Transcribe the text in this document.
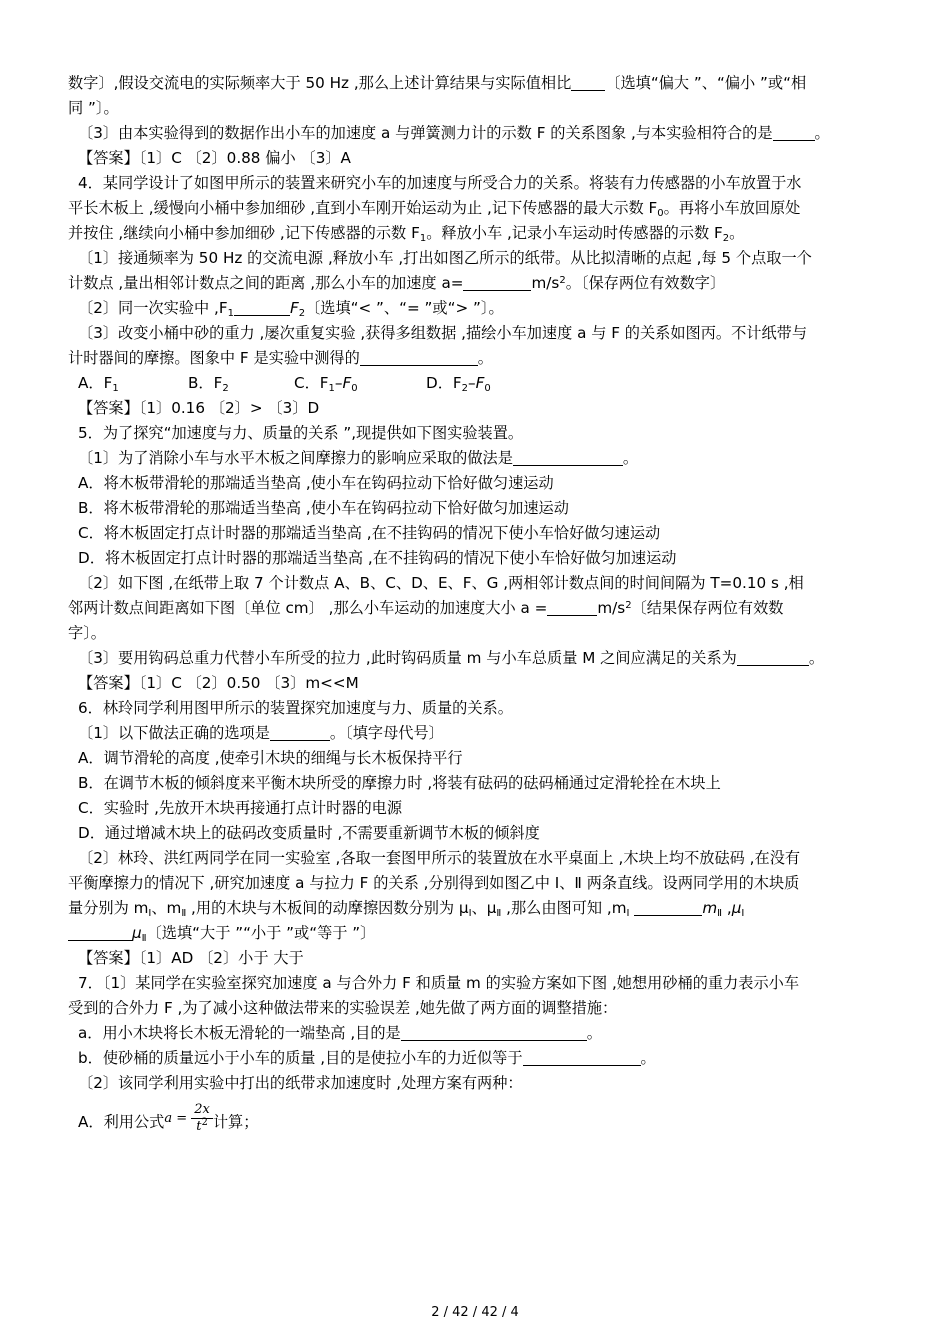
数字〕,假设交流电的实际频率大于 50 Hz ,那么上述计算结果与实际值相比 〔选填“偏大 ”、“偏小 ”或“相
同 ”〕。
〔3〕由本实验得到的数据作出小车的加速度 a 与弹簧测力计的示数 F 的关系图象 ,与本实验相符合的是	。
【答案】〔1〕C 〔2〕0.88 偏小 〔3〕A
4．某同学设计了如图甲所示的装置来研究小车的加速度与所受合力的关系。将装有力传感器的小车放置于水
平长木板上 ,缓慢向小桶中参加细砂 ,直到小车刚开始运动为止 ,记下传感器的最大示数 $F_0$。再将小车放回原处
并按住 ,继续向小桶中参加细砂 ,记下传感器的示数 $F_1$。释放小车 ,记录小车运动时传感器的示数 $F_2$。
〔1〕接通频率为 50 Hz 的交流电源 ,释放小车 ,打出如图乙所示的纸带。从比拟清晰的点起 ,每 5 个点取一个
计数点 ,量出相邻计数点之间的距离 ,那么小车的加速度 a=	$m/s^2$。〔保存两位有效数字〕
〔2〕同一次实验中 $,F_1$	$F_2$〔选填“< ”、“= ”或“> ”〕。
〔3〕改变小桶中砂的重力 ,屡次重复实验 ,获得多组数据 ,描绘小车加速度 a 与 F 的关系如图丙。不计纸带与
计时器间的摩擦。图象中 F 是实验中测得的	。
A．$F_1$	B．$F_2$	C．$F_1-F_0$	D．$F_2-F_0$
【答案】〔1〕0.16 〔2〕> 〔3〕D
5．为了探究“加速度与力、质量的关系 ”,现提供如下图实验装置。
〔1〕为了消除小车与水平木板之间摩擦力的影响应采取的做法是	。
A．将木板带滑轮的那端适当垫高 ,使小车在钩码拉动下恰好做匀速运动
B．将木板带滑轮的那端适当垫高 ,使小车在钩码拉动下恰好做匀加速运动
C．将木板固定打点计时器的那端适当垫高 ,在不挂钩码的情况下使小车恰好做匀速运动
D．将木板固定打点计时器的那端适当垫高 ,在不挂钩码的情况下使小车恰好做匀加速运动
〔2〕如下图 ,在纸带上取 7 个计数点 A、B、C、D、E、F、G ,两相邻计数点间的时间间隔为 T=0.10 s ,相
邻两计数点间距离如下图〔单位 cm〕 ,那么小车运动的加速度大小 a =	$m/s^2$〔结果保存两位有效数
字〕。
〔3〕要用钩码总重力代替小车所受的拉力 ,此时钩码质量 m 与小车总质量 M 之间应满足的关系为	。
【答案】〔1〕C 〔2〕0.50 〔3〕m<<M
6．林玲同学利用图甲所示的装置探究加速度与力、质量的关系。
〔1〕以下做法正确的选项是	。〔填字母代号〕
A．调节滑轮的高度 ,使牵引木块的细绳与长木板保持平行
B．在调节木板的倾斜度来平衡木块所受的摩擦力时 ,将装有砝码的砝码桶通过定滑轮拴在木块上
C．实验时 ,先放开木块再接通打点计时器的电源
D．通过增减木块上的砝码改变质量时 ,不需要重新调节木板的倾斜度
〔2〕林玲、洪红两同学在同一实验室 ,各取一套图甲所示的装置放在水平桌面上 ,木块上均不放砝码 ,在没有
平衡摩擦力的情况下 ,研究加速度 a 与拉力 F 的关系 ,分别得到如图乙中 Ⅰ、Ⅱ 两条直线。设两同学用的木块质
量分别为 $m_Ⅰ$、$m_Ⅱ$ ,用的木块与木板间的动摩擦因数分别为 $\mu_Ⅰ$、$\mu_Ⅱ$ ,那么由图可知 $,m_Ⅰ$	$m_Ⅱ$ $,\mu_Ⅰ$
$\mu_Ⅱ$〔选填“大于 ”“小于 ”或“等于 ”〕
【答案】〔1〕AD 〔2〕小于 大于
7．〔1〕某同学在实验室探究加速度 a 与合外力 F 和质量 m 的实验方案如下图 ,她想用砂桶的重力表示小车
受到的合外力 F ,为了减小这种做法带来的实验误差 ,她先做了两方面的调整措施：
a．用小木块将长木板无滑轮的一端垫高 ,目的是	。
b．使砂桶的质量远小于小车的质量 ,目的是使拉小车的力近似等于	。
〔2〕该同学利用实验中打出的纸带求加速度时 ,处理方案有两种：
A．利用公式$a = \frac{2x}{t^2}$ 计算；
2 / 42 / 42 / 4
